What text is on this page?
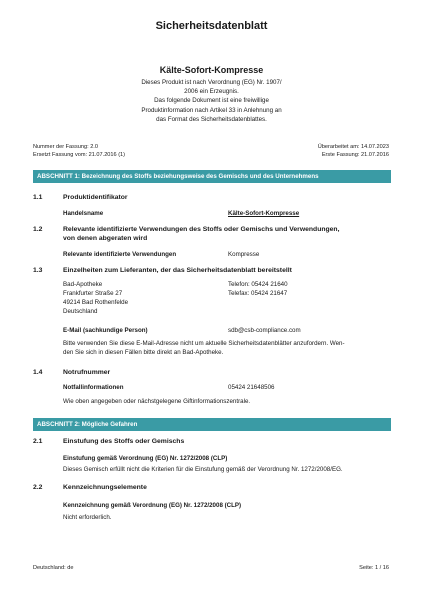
Sicherheitsdatenblatt
Kälte-Sofort-Kompresse
Dieses Produkt ist nach Verordnung (EG) Nr. 1907/
2006 ein Erzeugnis.
Das folgende Dokument ist eine freiwillige
Produktinformation nach Artikel 33 in Anlehnung an
das Format des Sicherheitsdatenblattes.
Nummer der Fassung: 2.0	Überarbeitet am: 14.07.2023
Ersetzt Fassung vom: 21.07.2016 (1)	Erste Fassung: 21.07.2016
ABSCHNITT 1: Bezeichnung des Stoffs beziehungsweise des Gemischs und des Unternehmens
1.1	Produktidentifikator
Handelsname	Kälte-Sofort-Kompresse
1.2	Relevante identifizierte Verwendungen des Stoffs oder Gemischs und Verwendungen,
von denen abgeraten wird
Relevante identifizierte Verwendungen	Kompresse
1.3	Einzelheiten zum Lieferanten, der das Sicherheitsdatenblatt bereitstellt
Bad-Apotheke	Telefon: 05424 21640
Frankfurter Straße 27	Telefax: 05424 21647
49214 Bad Rothenfelde
Deutschland
E-Mail (sachkundige Person)	sdb@csb-compliance.com
Bitte verwenden Sie diese E-Mail-Adresse nicht um aktuelle Sicherheitsdatenblätter anzufordern. Wen-
den Sie sich in diesen Fällen bitte direkt an Bad-Apotheke.
1.4	Notrufnummer
Notfallinformationen	05424 21648506
Wie oben angegeben oder nächstgelegene Giftinformationszentrale.
ABSCHNITT 2: Mögliche Gefahren
2.1	Einstufung des Stoffs oder Gemischs
Einstufung gemäß Verordnung (EG) Nr. 1272/2008 (CLP)
Dieses Gemisch erfüllt nicht die Kriterien für die Einstufung gemäß der Verordnung Nr. 1272/2008/EG.
2.2	Kennzeichnungselemente
Kennzeichnung gemäß Verordnung (EG) Nr. 1272/2008 (CLP)
Nicht erforderlich.
Deutschland: de	Seite: 1 / 16
